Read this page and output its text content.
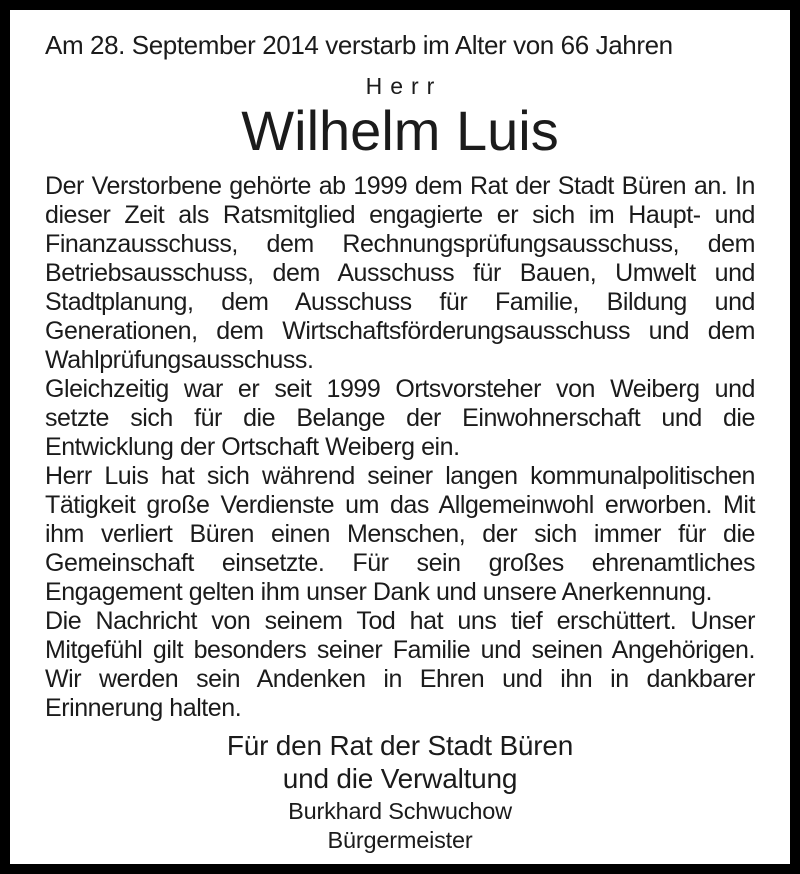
Am 28. September 2014 verstarb im Alter von 66 Jahren
Herr
Wilhelm Luis

Der Verstorbene gehörte ab 1999 dem Rat der Stadt Büren an. In dieser Zeit als Ratsmitglied engagierte er sich im Haupt- und Finanzausschuss, dem Rechnungsprüfungsausschuss, dem Betriebsausschuss, dem Ausschuss für Bauen, Umwelt und Stadtplanung, dem Ausschuss für Familie, Bildung und Generationen, dem Wirtschaftsförderungsausschuss und dem Wahlprüfungsausschuss.

Gleichzeitig war er seit 1999 Ortsvorsteher von Weiberg und setzte sich für die Belange der Einwohnerschaft und die Entwicklung der Ortschaft Weiberg ein.

Herr Luis hat sich während seiner langen kommunalpolitischen Tätigkeit große Verdienste um das Allgemeinwohl erworben. Mit ihm verliert Büren einen Menschen, der sich immer für die Gemeinschaft einsetzte. Für sein großes ehrenamtliches Engagement gelten ihm unser Dank und unsere Anerkennung.

Die Nachricht von seinem Tod hat uns tief erschüttert. Unser Mitgefühl gilt besonders seiner Familie und seinen Angehörigen. Wir werden sein Andenken in Ehren und ihn in dankbarer Erinnerung halten.

Für den Rat der Stadt Büren
und die Verwaltung
Burkhard Schwuchow
Bürgermeister
